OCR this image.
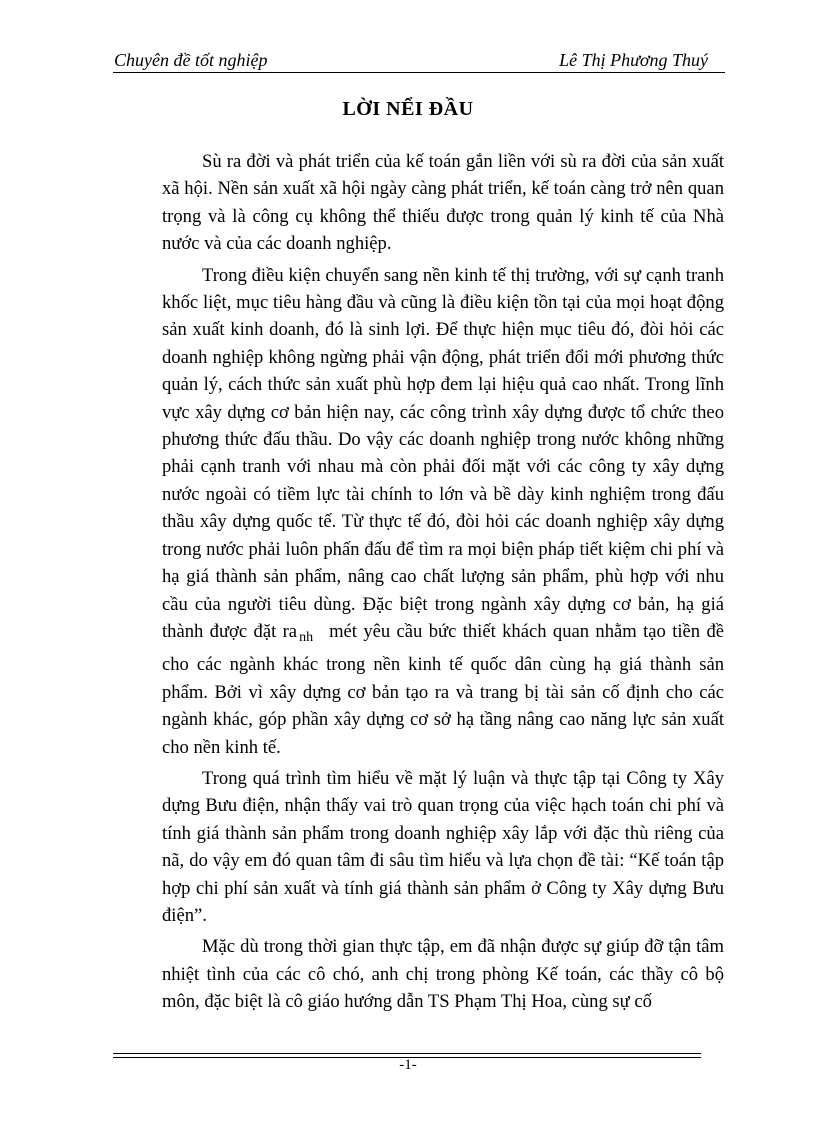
Chuyên đề tốt nghiệp	Lê Thị Phương Thuý
LỜI NỂI ĐẦU

Sù ra đời và phát triển của kế toán gắn liền với sù ra đời của sản xuất xã hội. Nền sản xuất xã hội ngày càng phát triển, kế toán càng trở nên quan trọng và là công cụ không thể thiếu được trong quản lý kinh tế của Nhà nước và của các doanh nghiệp.

Trong điều kiện chuyển sang nền kinh tế thị trường, với sự cạnh tranh khốc liệt, mục tiêu hàng đầu và cũng là điều kiện tồn tại của mọi hoạt động sản xuất kinh doanh, đó là sinh lợi. Để thực hiện mục tiêu đó, đòi hỏi các doanh nghiệp không ngừng phải vận động, phát triển đổi mới phương thức quản lý, cách thức sản xuất phù hợp đem lại hiệu quả cao nhất. Trong lĩnh vực xây dựng cơ bản hiện nay, các công trình xây dựng được tổ chức theo phương thức đấu thầu. Do vậy các doanh nghiệp trong nước không những phải cạnh tranh với nhau mà còn phải đối mặt với các công ty xây dựng nước ngoài có tiềm lực tài chính to lớn và bề dày kinh nghiệm trong đấu thầu xây dựng quốc tế. Từ thực tế đó, đòi hỏi các doanh nghiệp xây dựng trong nước phải luôn phấn đấu để tìm ra mọi biện pháp tiết kiệm chi phí và hạ giá thành sản phẩm, nâng cao chất lượng sản phẩm, phù hợp với nhu cầu của người tiêu dùng. Đặc biệt trong ngành xây dựng cơ bản, hạ giá thành được đặt ra $_{nh}$ mét yêu cầu bức thiết khách quan nhằm tạo tiền đề cho các ngành khác trong nền kinh tế quốc dân cùng hạ giá thành sản phẩm. Bởi vì xây dựng cơ bản tạo ra và trang bị tài sản cố định cho các ngành khác, góp phần xây dựng cơ sở hạ tầng nâng cao năng lực sản xuất cho nền kinh tế.

Trong quá trình tìm hiểu về mặt lý luận và thực tập tại Công ty Xây dựng Bưu điện, nhận thấy vai trò quan trọng của việc hạch toán chi phí và tính giá thành sản phẩm trong doanh nghiệp xây lắp với đặc thù riêng của nã, do vậy em đó quan tâm đi sâu tìm hiểu và lựa chọn đề tài: “Kế toán tập hợp chi phí sản xuất và tính giá thành sản phẩm ở Công ty Xây dựng Bưu điện”.

Mặc dù trong thời gian thực tập, em đã nhận được sự giúp đỡ tận tâm nhiệt tình của các cô chó, anh chị trong phòng Kế toán, các thầy cô bộ môn, đặc biệt là cô giáo hướng dẫn TS Phạm Thị Hoa, cùng sự cố

-1-
